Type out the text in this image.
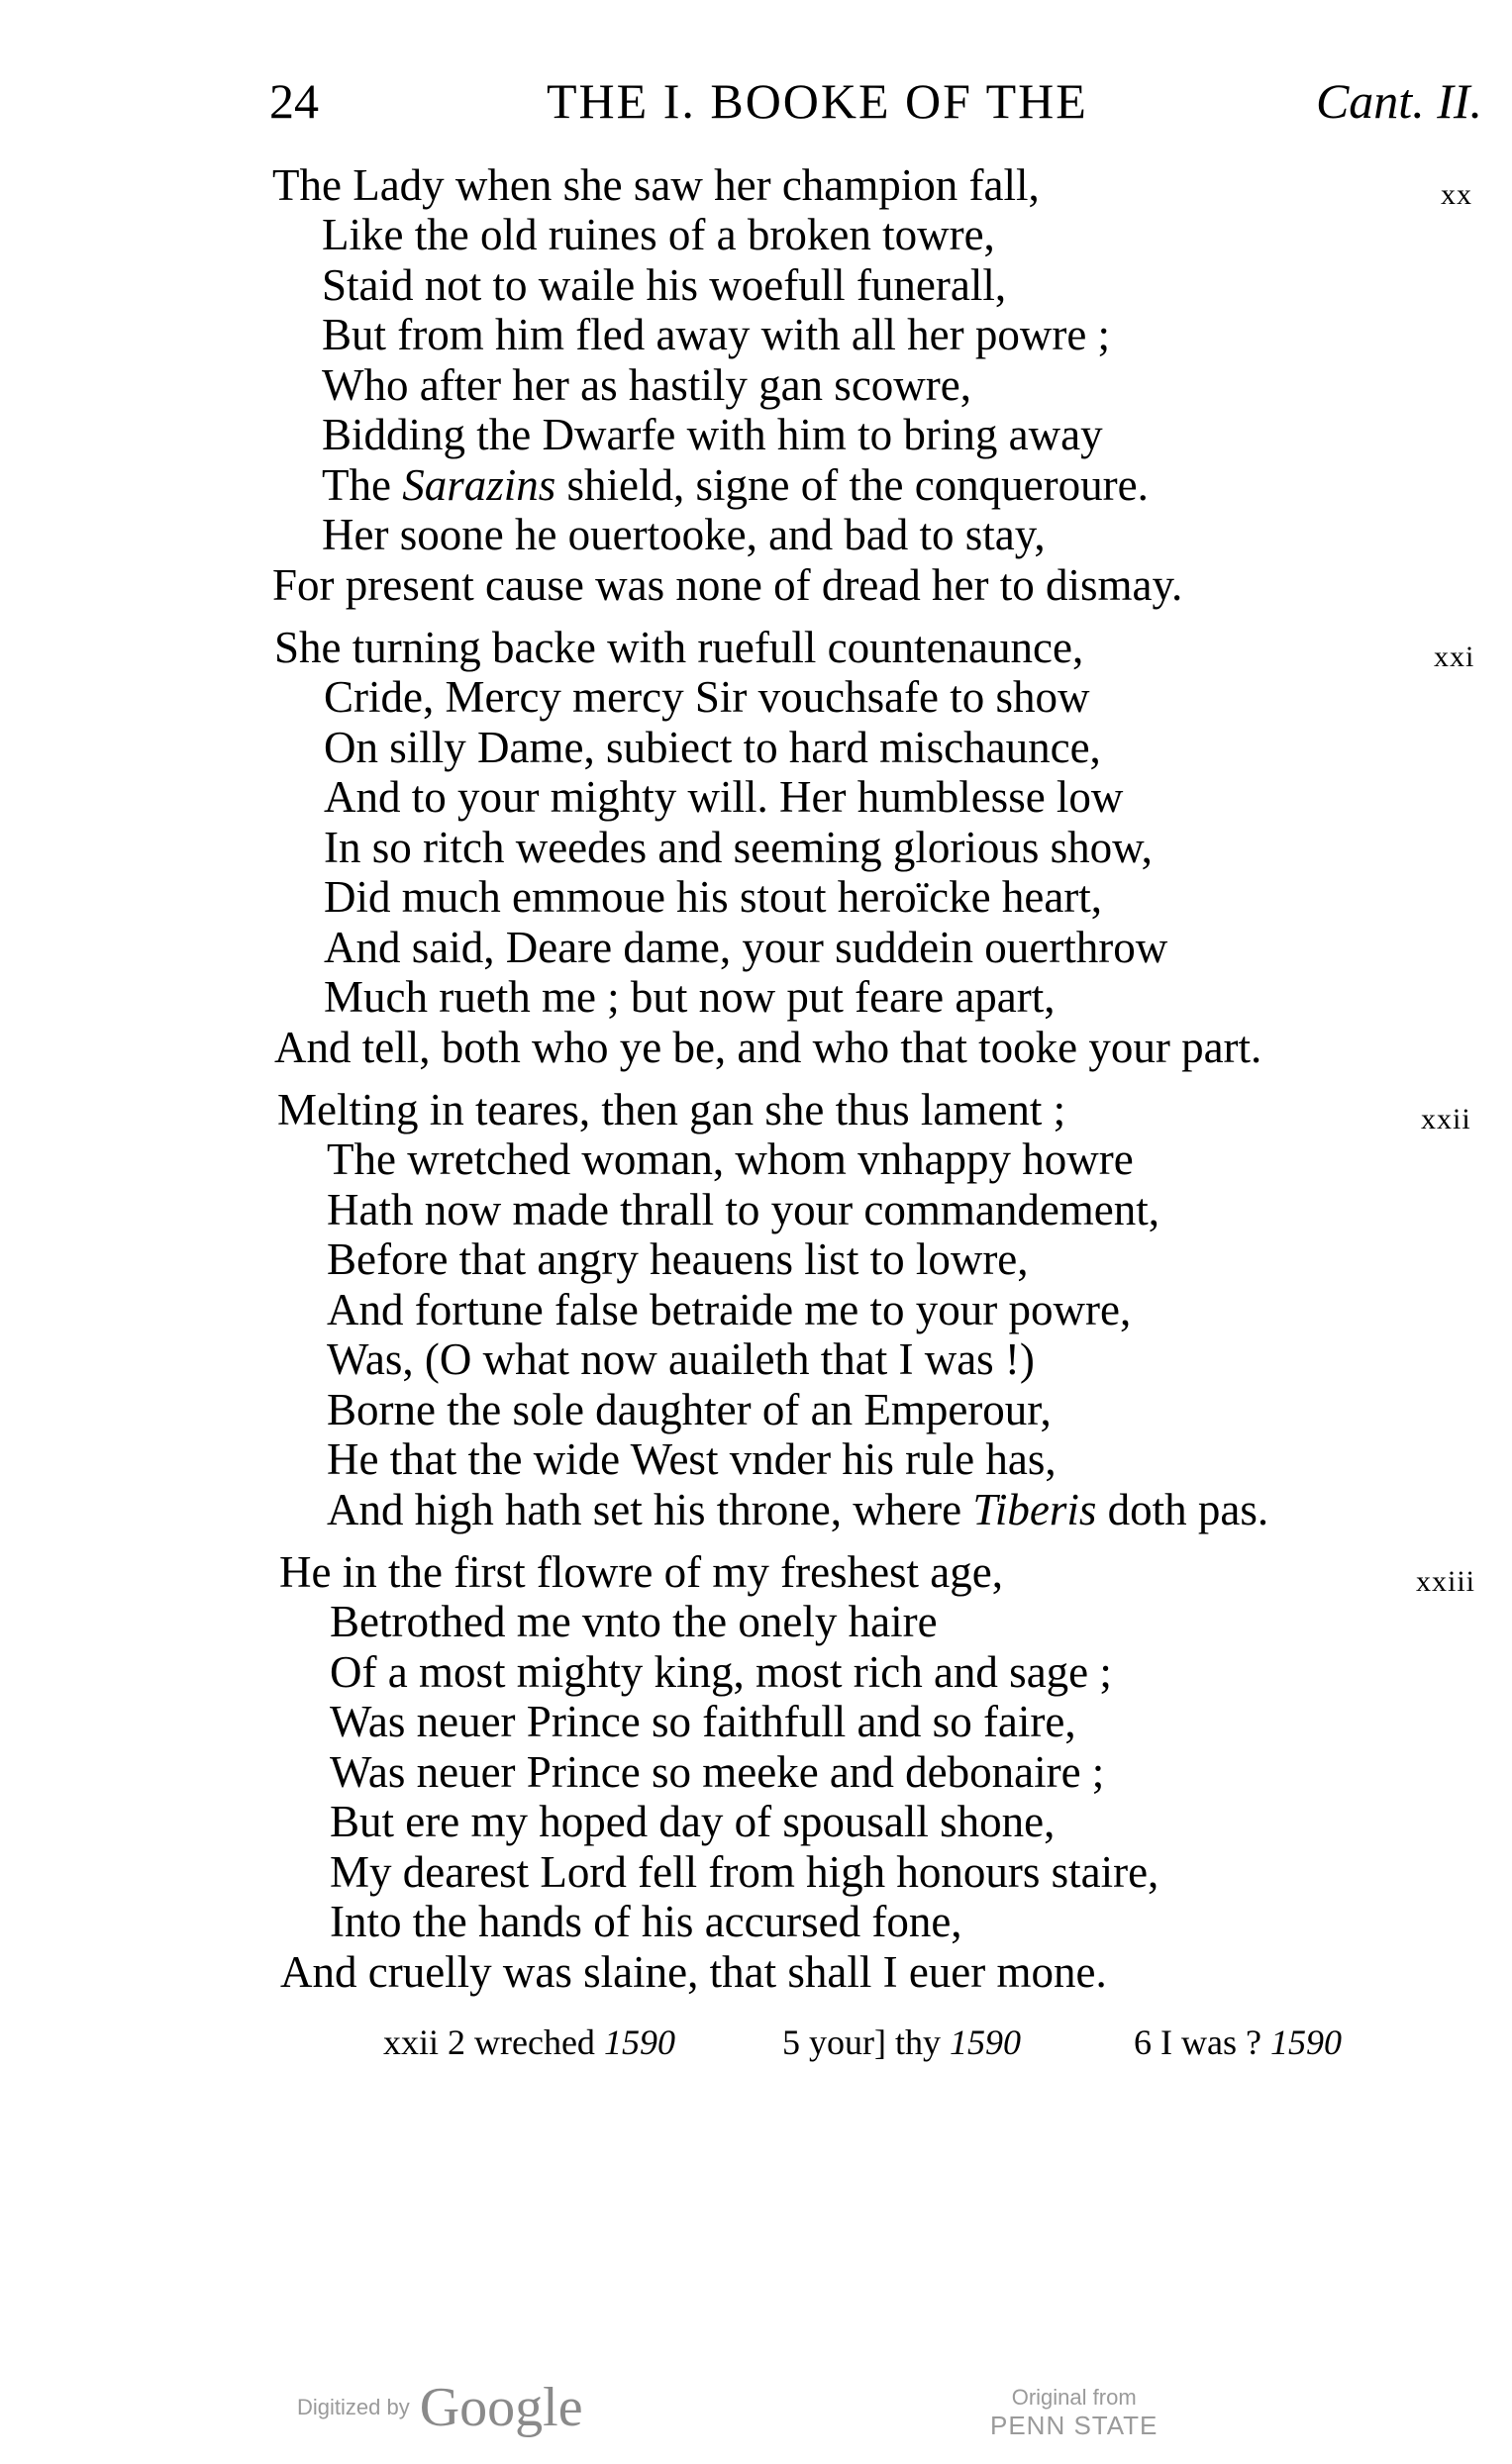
24	THE I. BOOKE OF THE	Cant. II.
xx
The Lady when she saw her champion fall,
Like the old ruines of a broken towre,
Staid not to waile his woefull funerall,
But from him fled away with all her powre ;
Who after her as hastily gan scowre,
Bidding the Dwarfe with him to bring away
The Sarazins shield, signe of the conqueroure.
Her soone he ouertooke, and bad to stay,
For present cause was none of dread her to dismay.
xxi
She turning backe with ruefull countenaunce,
Cride, Mercy mercy Sir vouchsafe to show
On silly Dame, subiect to hard mischaunce,
And to your mighty will. Her humblesse low
In so ritch weedes and seeming glorious show,
Did much emmoue his stout heroïcke heart,
And said, Deare dame, your suddein ouerthrow
Much rueth me ; but now put feare apart,
And tell, both who ye be, and who that tooke your part.
xxii
Melting in teares, then gan she thus lament ;
The wretched woman, whom vnhappy howre
Hath now made thrall to your commandement,
Before that angry heauens list to lowre,
And fortune false betraide me to your powre,
Was, (O what now auaileth that I was !)
Borne the sole daughter of an Emperour,
He that the wide West vnder his rule has,
And high hath set his throne, where Tiberis doth pas.
xxiii
He in the first flowre of my freshest age,
Betrothed me vnto the onely haire
Of a most mighty king, most rich and sage ;
Was neuer Prince so faithfull and so faire,
Was neuer Prince so meeke and debonaire ;
But ere my hoped day of spousall shone,
My dearest Lord fell from high honours staire,
Into the hands of his accursed fone,
And cruelly was slaine, that shall I euer mone.
xxii 2 wreched 1590	5 your] thy 1590	6 I was ? 1590
Digitized by Google	Original from
PENN STATE
